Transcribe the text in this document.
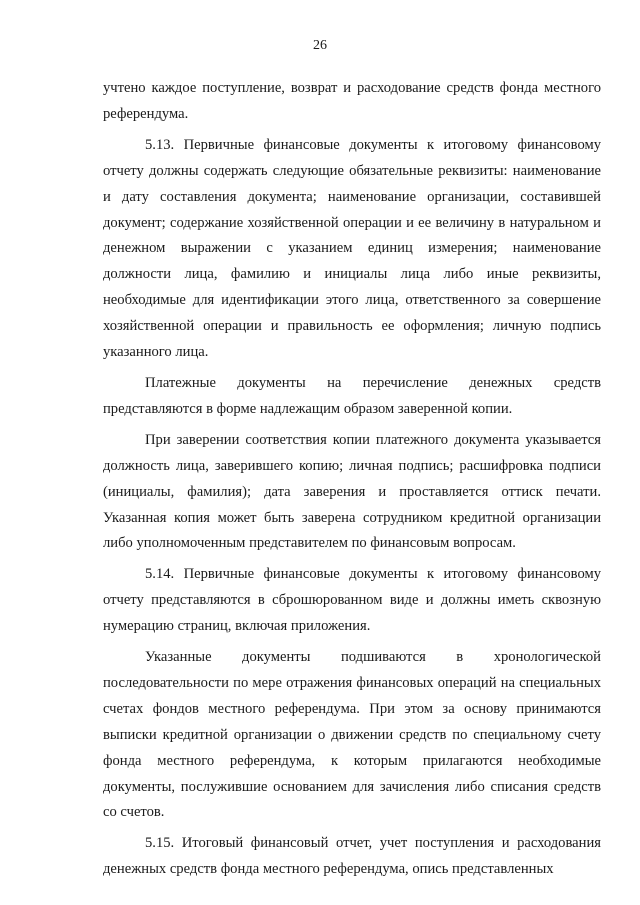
26

учтено каждое поступление, возврат и расходование средств фонда местного референдума.

5.13. Первичные финансовые документы к итоговому финансовому отчету должны содержать следующие обязательные реквизиты: наименование и дату составления документа; наименование организации, составившей документ; содержание хозяйственной операции и ее величину в натуральном и денежном выражении с указанием единиц измерения; наименование должности лица, фамилию и инициалы лица либо иные реквизиты, необходимые для идентификации этого лица, ответственного за совершение хозяйственной операции и правильность ее оформления; личную подпись указанного лица.

Платежные документы на перечисление денежных средств представляются в форме надлежащим образом заверенной копии.

При заверении соответствия копии платежного документа указывается должность лица, заверившего копию; личная подпись; расшифровка подписи (инициалы, фамилия); дата заверения и проставляется оттиск печати. Указанная копия может быть заверена сотрудником кредитной организации либо уполномоченным представителем по финансовым вопросам.

5.14. Первичные финансовые документы к итоговому финансовому отчету представляются в сброшюрованном виде и должны иметь сквозную нумерацию страниц, включая приложения.

Указанные документы подшиваются в хронологической последовательности по мере отражения финансовых операций на специальных счетах фондов местного референдума. При этом за основу принимаются выписки кредитной организации о движении средств по специальному счету фонда местного референдума, к которым прилагаются необходимые документы, послужившие основанием для зачисления либо списания средств со счетов.

5.15. Итоговый финансовый отчет, учет поступления и расходования денежных средств фонда местного референдума, опись представленных
